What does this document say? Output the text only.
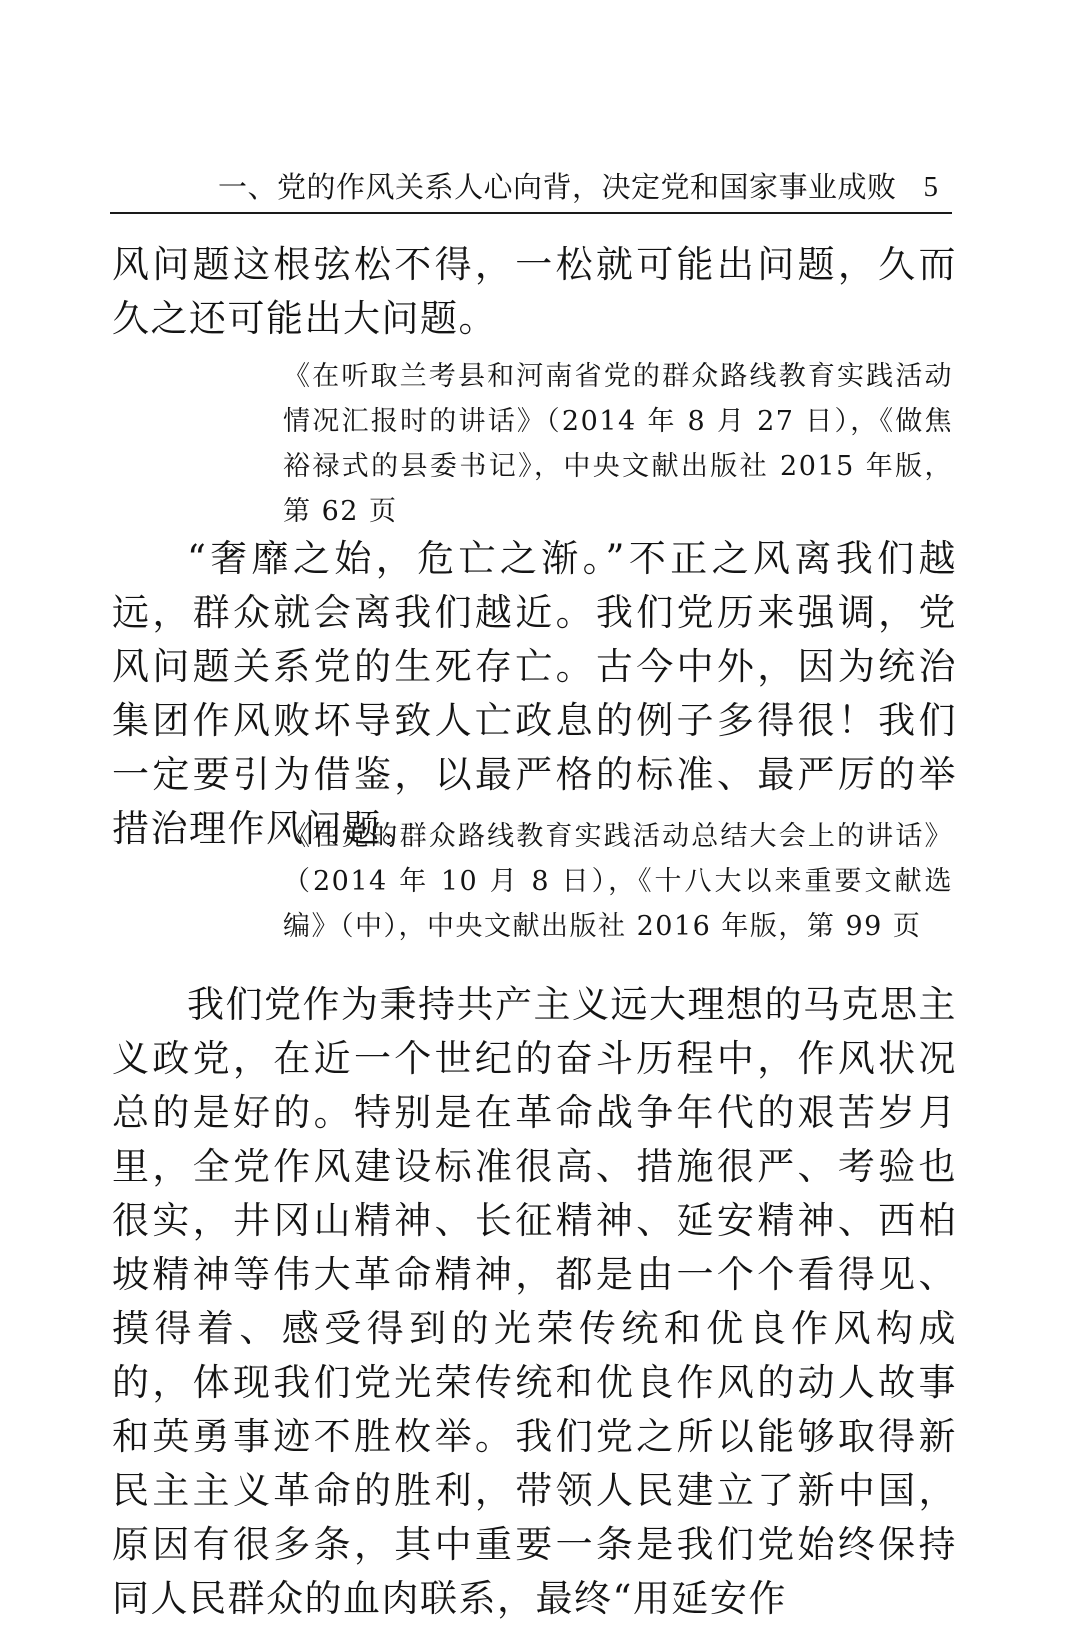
一、党的作风关系人心向背，决定党和国家事业成败 5

风问题这根弦松不得，一松就可能出问题，久而久之还可能出大问题。

《在听取兰考县和河南省党的群众路线教育实践活动情况汇报时的讲话》（2014 年 8 月 27 日），《做焦裕禄式的县委书记》，中央文献出版社 2015 年版，第 62 页

“奢靡之始，危亡之渐。”不正之风离我们越远，群众就会离我们越近。我们党历来强调，党风问题关系党的生死存亡。古今中外，因为统治集团作风败坏导致人亡政息的例子多得很！我们一定要引为借鉴，以最严格的标准、最严厉的举措治理作风问题。

《在党的群众路线教育实践活动总结大会上的讲话》（2014 年 10 月 8 日），《十八大以来重要文献选编》（中），中央文献出版社 2016 年版，第 99 页

我们党作为秉持共产主义远大理想的马克思主义政党，在近一个世纪的奋斗历程中，作风状况总的是好的。特别是在革命战争年代的艰苦岁月里，全党作风建设标准很高、措施很严、考验也很实，井冈山精神、长征精神、延安精神、西柏坡精神等伟大革命精神，都是由一个个看得见、摸得着、感受得到的光荣传统和优良作风构成的，体现我们党光荣传统和优良作风的动人故事和英勇事迹不胜枚举。我们党之所以能够取得新民主主义革命的胜利，带领人民建立了新中国，原因有很多条，其中重要一条是我们党始终保持同人民群众的血肉联系，最终“用延安作
